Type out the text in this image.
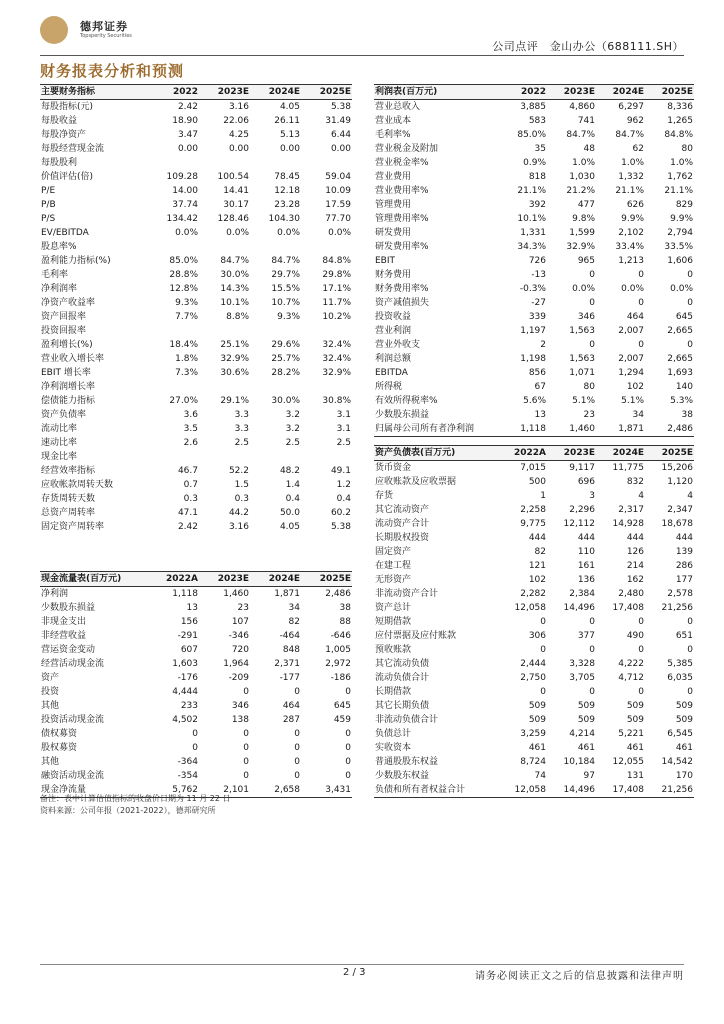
德邦证券
Topsperity Securities
公司点评　金山办公（688111.SH）
财务报表分析和预测
主要财务指标	2022	2023E	2024E	2025E
每股指标(元)	2.42	3.16	4.05	5.38
每股收益	18.90	22.06	26.11	31.49
每股净资产	3.47	4.25	5.13	6.44
每股经营现金流	0.00	0.00	0.00	0.00
每股股利				
价值评估(倍)	109.28	100.54	78.45	59.04
P/E	14.00	14.41	12.18	10.09
P/B	37.74	30.17	23.28	17.59
P/S	134.42	128.46	104.30	77.70
EV/EBITDA	0.0%	0.0%	0.0%	0.0%
股息率%				
盈利能力指标(%)	85.0%	84.7%	84.7%	84.8%
毛利率	28.8%	30.0%	29.7%	29.8%
净利润率	12.8%	14.3%	15.5%	17.1%
净资产收益率	9.3%	10.1%	10.7%	11.7%
资产回报率	7.7%	8.8%	9.3%	10.2%
投资回报率				
盈利增长(%)	18.4%	25.1%	29.6%	32.4%
营业收入增长率	1.8%	32.9%	25.7%	32.4%
EBIT 增长率	7.3%	30.6%	28.2%	32.9%
净利润增长率				
偿债能力指标	27.0%	29.1%	30.0%	30.8%
资产负债率	3.6	3.3	3.2	3.1
流动比率	3.5	3.3	3.2	3.1
速动比率	2.6	2.5	2.5	2.5
现金比率				
经营效率指标	46.7	52.2	48.2	49.1
应收帐款周转天数	0.7	1.5	1.4	1.2
存货周转天数	0.3	0.3	0.4	0.4
总资产周转率	47.1	44.2	50.0	60.2
固定资产周转率	2.42	3.16	4.05	5.38

现金流量表(百万元)	2022A	2023E	2024E	2025E
净利润	1,118	1,460	1,871	2,486
少数股东损益	13	23	34	38
非现金支出	156	107	82	88
非经营收益	-291	-346	-464	-646
营运资金变动	607	720	848	1,005
经营活动现金流	1,603	1,964	2,371	2,972
资产	-176	-209	-177	-186
投资	4,444	0	0	0
其他	233	346	464	645
投资活动现金流	4,502	138	287	459
债权募资	0	0	0	0
股权募资	0	0	0	0
其他	-364	0	0	0
融资活动现金流	-354	0	0	0
现金净流量	5,762	2,101	2,658	3,431
利润表(百万元)	2022	2023E	2024E	2025E
营业总收入	3,885	4,860	6,297	8,336
营业成本	583	741	962	1,265
毛利率%	85.0%	84.7%	84.7%	84.8%
营业税金及附加	35	48	62	80
营业税金率%	0.9%	1.0%	1.0%	1.0%
营业费用	818	1,030	1,332	1,762
营业费用率%	21.1%	21.2%	21.1%	21.1%
管理费用	392	477	626	829
管理费用率%	10.1%	9.8%	9.9%	9.9%
研发费用	1,331	1,599	2,102	2,794
研发费用率%	34.3%	32.9%	33.4%	33.5%
EBIT	726	965	1,213	1,606
财务费用	-13	0	0	0
财务费用率%	-0.3%	0.0%	0.0%	0.0%
资产减值损失	-27	0	0	0
投资收益	339	346	464	645
营业利润	1,197	1,563	2,007	2,665
营业外收支	2	0	0	0
利润总额	1,198	1,563	2,007	2,665
EBITDA	856	1,071	1,294	1,693
所得税	67	80	102	140
有效所得税率%	5.6%	5.1%	5.1%	5.3%
少数股东损益	13	23	34	38
归属母公司所有者净利润	1,118	1,460	1,871	2,486
资产负债表(百万元)	2022A	2023E	2024E	2025E
货币资金	7,015	9,117	11,775	15,206
应收账款及应收票据	500	696	832	1,120
存货	1	3	4	4
其它流动资产	2,258	2,296	2,317	2,347
流动资产合计	9,775	12,112	14,928	18,678
长期股权投资	444	444	444	444
固定资产	82	110	126	139
在建工程	121	161	214	286
无形资产	102	136	162	177
非流动资产合计	2,282	2,384	2,480	2,578
资产总计	12,058	14,496	17,408	21,256
短期借款	0	0	0	0
应付票据及应付账款	306	377	490	651
预收账款	0	0	0	0
其它流动负债	2,444	3,328	4,222	5,385
流动负债合计	2,750	3,705	4,712	6,035
长期借款	0	0	0	0
其它长期负债	509	509	509	509
非流动负债合计	509	509	509	509
负债总计	3,259	4,214	5,221	6,545
实收资本	461	461	461	461
普通股股东权益	8,724	10,184	12,055	14,542
少数股东权益	74	97	131	170
负债和所有者权益合计	12,058	14,496	17,408	21,256
备注：表中计算估值指标的收盘价日期为 11 月 22 日
资料来源：公司年报（2021-2022），德邦研究所
2 / 3	请务必阅读正文之后的信息披露和法律声明
